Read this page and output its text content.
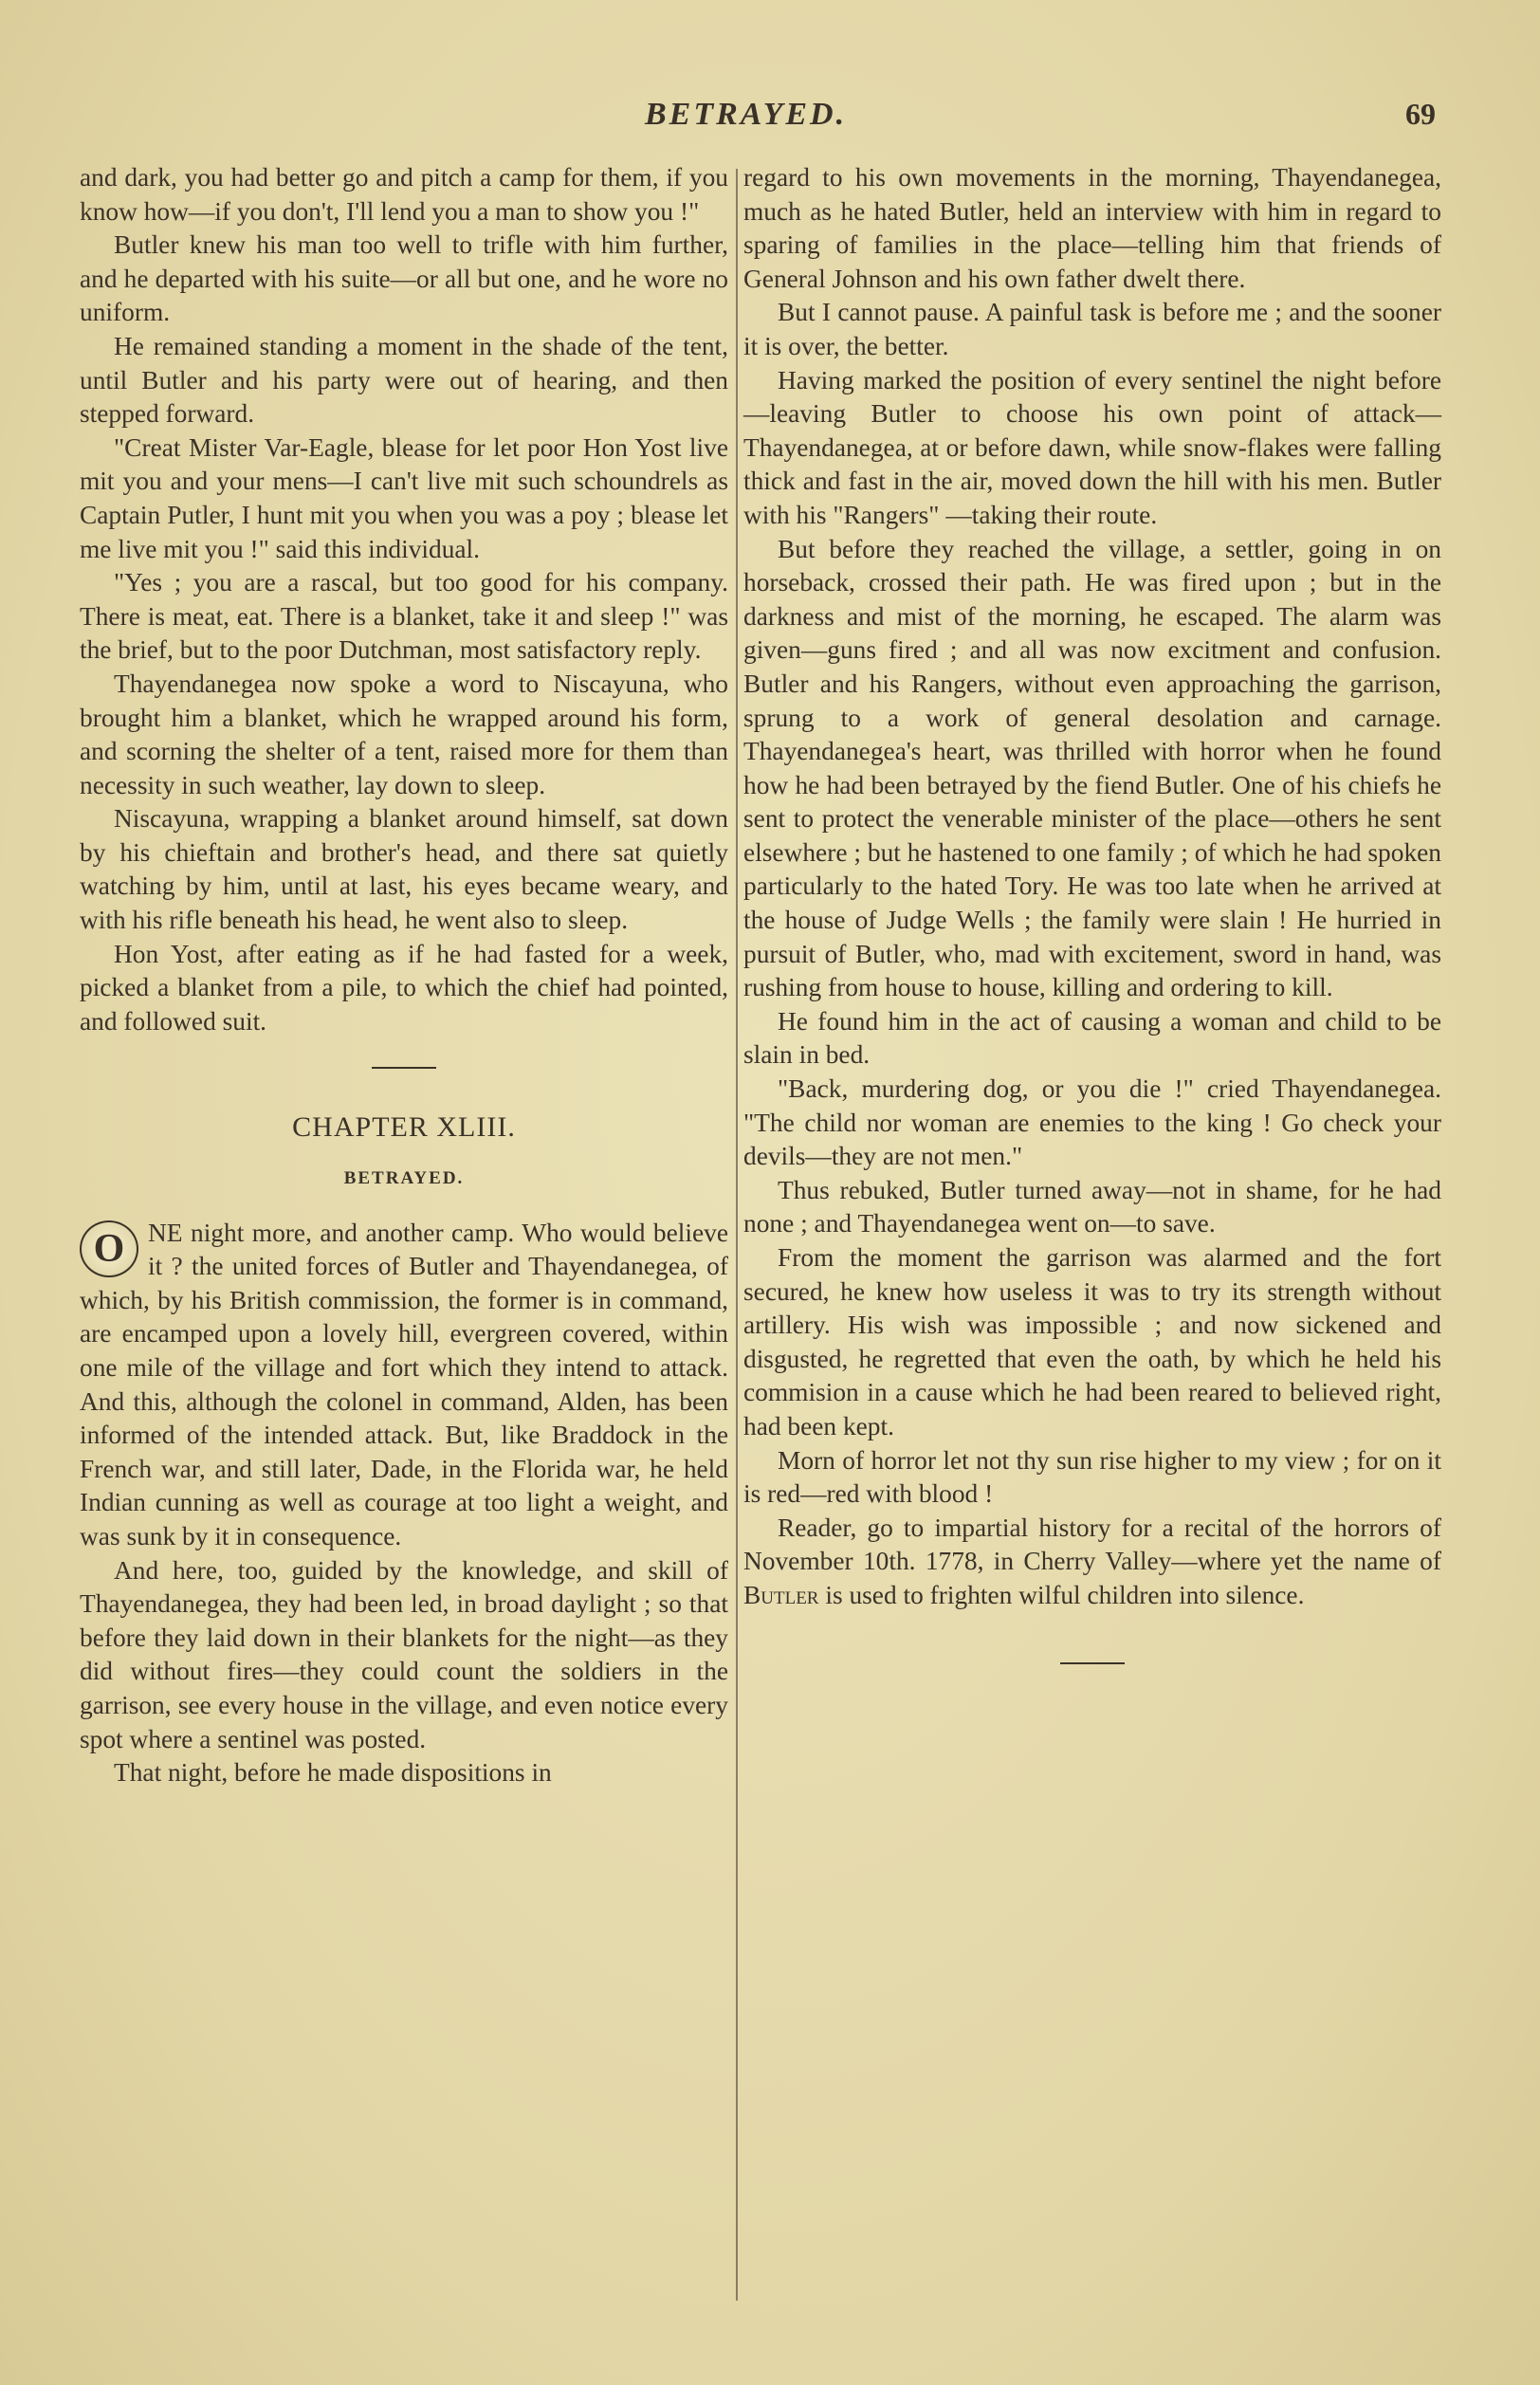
BETRAYED.	69

and dark, you had better go and pitch a camp for them, if you know how—if you don't, I'll lend you a man to show you !"

Butler knew his man too well to trifle with him further, and he departed with his suite—or all but one, and he wore no uniform.

He remained standing a moment in the shade of the tent, until Butler and his party were out of hearing, and then stepped forward.

"Creat Mister Var-Eagle, blease for let poor Hon Yost live mit you and your mens—I can't live mit such schoundrels as Captain Putler, I hunt mit you when you was a poy ; blease let me live mit you !" said this individual.

"Yes ; you are a rascal, but too good for his company. There is meat, eat. There is a blanket, take it and sleep !" was the brief, but to the poor Dutchman, most satisfactory reply.

Thayendanegea now spoke a word to Niscayuna, who brought him a blanket, which he wrapped around his form, and scorning the shelter of a tent, raised more for them than necessity in such weather, lay down to sleep.

Niscayuna, wrapping a blanket around himself, sat down by his chieftain and brother's head, and there sat quietly watching by him, until at last, his eyes became weary, and with his rifle beneath his head, he went also to sleep.

Hon Yost, after eating as if he had fasted for a week, picked a blanket from a pile, to which the chief had pointed, and followed suit.

CHAPTER XLIII.
BETRAYED.

O NE night more, and another camp. Who would believe it ? the united forces of Butler and Thayendanegea, of which, by his British commission, the former is in command, are encamped upon a lovely hill, evergreen covered, within one mile of the village and fort which they intend to attack. And this, although the colonel in command, Alden, has been informed of the intended attack. But, like Braddock in the French war, and still later, Dade, in the Florida war, he held Indian cunning as well as courage at too light a weight, and was sunk by it in consequence.

And here, too, guided by the knowledge, and skill of Thayendanegea, they had been led, in broad daylight ; so that before they laid down in their blankets for the night—as they did without fires—they could count the soldiers in the garrison, see every house in the village, and even notice every spot where a sentinel was posted.

That night, before he made dispositions in

regard to his own movements in the morning, Thayendanegea, much as he hated Butler, held an interview with him in regard to sparing of families in the place—telling him that friends of General Johnson and his own father dwelt there.

But I cannot pause. A painful task is before me ; and the sooner it is over, the better.

Having marked the position of every sentinel the night before—leaving Butler to choose his own point of attack—Thayendanegea, at or before dawn, while snow-flakes were falling thick and fast in the air, moved down the hill with his men. Butler with his "Rangers" —taking their route.

But before they reached the village, a settler, going in on horseback, crossed their path. He was fired upon ; but in the darkness and mist of the morning, he escaped. The alarm was given—guns fired ; and all was now excitment and confusion. Butler and his Rangers, without even approaching the garrison, sprung to a work of general desolation and carnage. Thayendanegea's heart, was thrilled with horror when he found how he had been betrayed by the fiend Butler. One of his chiefs he sent to protect the venerable minister of the place—others he sent elsewhere ; but he hastened to one family ; of which he had spoken particularly to the hated Tory. He was too late when he arrived at the house of Judge Wells ; the family were slain ! He hurried in pursuit of Butler, who, mad with excitement, sword in hand, was rushing from house to house, killing and ordering to kill.

He found him in the act of causing a woman and child to be slain in bed.

"Back, murdering dog, or you die !" cried Thayendanegea. "The child nor woman are enemies to the king ! Go check your devils—they are not men."

Thus rebuked, Butler turned away—not in shame, for he had none ; and Thayendanegea went on—to save.

From the moment the garrison was alarmed and the fort secured, he knew how useless it was to try its strength without artillery. His wish was impossible ; and now sickened and disgusted, he regretted that even the oath, by which he held his commision in a cause which he had been reared to believed right, had been kept.

Morn of horror let not thy sun rise higher to my view ; for on it is red—red with blood !

Reader, go to impartial history for a recital of the horrors of November 10th. 1778, in Cherry Valley—where yet the name of Butler is used to frighten wilful children into silence.
